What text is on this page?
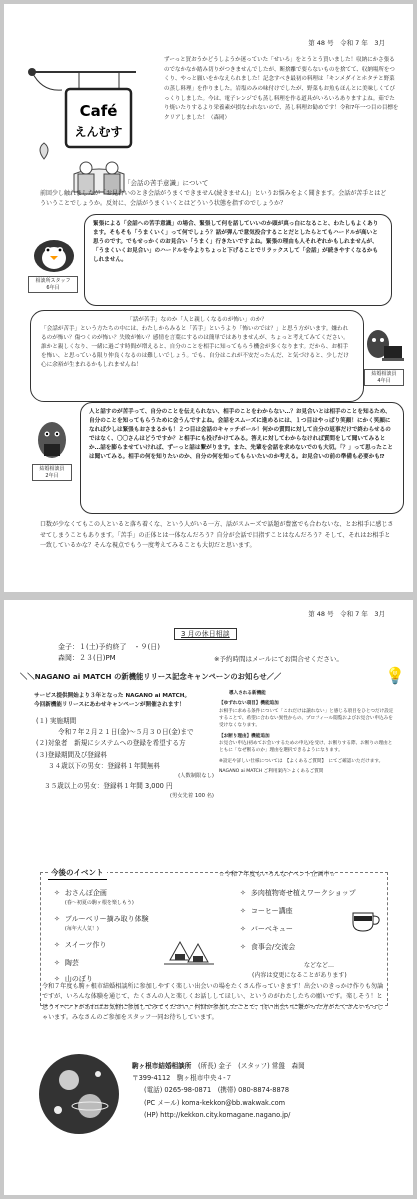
第 48 号　令和 7 年　3月
Café
えんむす
ずーっと買おうかどうしようか迷っていた「せいろ」をとうとう買いました！収納にかさ張るのでなかなか踏み切りがつきませんでしたが、断捨離で要らないものを捨てて、収納場所をつくり、やっと願いをかなえられました！記念すべき最初の料理は「キンメダイとホタテと野菜の蒸し料理」を作りました。岩塩のみの味付けでしたが、野菜もお魚もほんとに美味しくてびっくりしました。今は、電子レンジでも蒸し料理を作る道具がいろいろありますよね。茹でたり焼いたりするより栄養素が損なわれないので、蒸し料理お勧めです！令和7年一つ目の目標をクリアしました！（森岡）
「会話の苦手意識」について
前回少し触れましたが「お見合いのとき会話がうまくできません(続きません)」というお悩みをよく聞きます。会話が苦手とはどういうことでしょうか。反対に、会話がうまくいくとはどういう状態を指すのでしょうか？
相談所スタッフ
6年目
緊張による「会話への苦手意識」の場合、緊張して何を話していいのか頭が真っ白になること、わたしもよくあります。そもそも「うまくいく」って何でしょう？話が弾んで意気投合することだとしたらとてもハードルが高いと思うのです。でもせっかくのお見合い「うまく」行きたいですよね。緊張の理由も人それぞれかもしれませんが、「うまくいくお見合い」のハードルを今よりちょっと下げることでリラックスして「会話」が続きやすくなるかもしれません。
「話が苦手」なのか「人と親しくなるのが怖い」のか？
「会話が苦手」という方たちの中には、わたしからみると「苦手」というより「怖いのでは？」と思う方がいます。嫌われるのが怖い？傷つくのが怖い？失敗が怖い？感情を言葉にするのは簡単ではありませんが、ちょっと考えてみてください。誰かと親しくなり、一緒に過ごす時間が増えると、自分のことを相手に知ってもらう機会が多くなります。だから、お相手を怖い、と思っている限り仲良くなるのは難しいでしょう。でも、自分はこれが不安だったんだ、と気づけると、少しだけ心に余裕が生まれるかもしれませんね！
結婚相談員
4年目
結婚相談員
2年目
人と話すのが苦手って、自分のことを伝えられない、相手のことをわからない…？お見合いとは相手のことを知るため、自分のことを知ってもらうために会うんですよね。会話をスムーズに進めるには、１つ目はやっぱり笑顔！にかく笑顔になれば少しは緊張もおさまるかも！２つ目は会話のキャッチボール！何かの質問に対して自分の返事だけで終わらせるのではなく、〇〇さんはどうですか？と相手にも投げかけてみる。答えに対してわからなければ質問をして聞いてみるとか…話を膨らませていければ、ずーっと話は繋がります。また、先輩を会話を求めないでのも大切。「？」って思ったことは聞いてみる。相手の何を知りたいのか、自分の何を知ってもらいたいのか考える。お見合いの前の準備も必要かも⁉
口数が少なくてもこの人といると落ち着くな、という人がいる一方、話がスムーズで話題が豊富でも合わないな、とお相手に感じさせてしまうこともあります。「苦手」の正体とは一体なんだろう？自分が会話で目指すことはなんだろう？そして、それはお相手と一致しているかな？そんな視点でもう一度考えてみることも大切だと思います。
第 48 号　令和 7 年　3月
3 月の休日相談
金子：１(土)予約終了　・９(日)
森岡：２３(日)PM	※予約時間はメールにてお問合せください。
＼＼NAGANO ai MATCH の新機能リリース記念キャンペーンのお知らせ／／	💡
サービス提供開始より３年となった NAGANO ai MATCH。
今回新機能リリースにあわせキャンペーンが開催されます！
(１) 実施期間
令和７年２月２１日(金)～５月３０日(金)まで
(２)対象者　 新規にシステムへの登録を希望する方
(３)登録期間及び登録料
３４歳以下の男女：登録料１年間無料
(人数制限なし)
３５歳以上の男女：登録料１年間 3,000 円
(男女先着 100 名)
導入される新機能
【ゆずれない項目】機能追加
お相手に求める条件について「これだけは譲れない」と感じる項目をひとつだけ設定することで、希望に合わない異性からの、プロフィール閲覧およびお見合い申込みを受けなくなります。
【お断り理由】機能追加
お見合い申込(初めてお会いするための申込)を受け、お断りする際、お断りの理由とともに「なぜ断るのか」理由を選択できるようになります。
※設定や詳しい仕様については　【よくあるご質問】　にてご確認いただけます。
NAGANO ai MATCH ご利用案内＞よくあるご質問
今後のイベント	☆令和７年度もいろんなイベント企画中☆
✧ おさんぽ企画
(春～初夏の駒ヶ根を楽しもう)
✧ ブルーベリー摘み取り体験
(毎年大人気！)
✧ スイーツ作り
✧ 陶芸
✧ 山のぼり
✧ 多肉植物寄せ植えワークショップ
✧ コーヒー講座
✧ バーベキュー
✧ 食事会/交流会
などなど…
(内容は変更になることがあります)
令和７年度も駒ヶ根市結婚相談所に参加しやすく楽しい出会いの場をたくさん作っていきます！出会いのきっかけ作りも勿論ですが、いろんな体験を通じて、たくさんの人と楽しくお話ししてほしい、というのがわたしたちの願いです。楽しそう！と思うイベントがあればお気軽に参加してみてください。何回か参加したことで、良い出会いに繋がった方がたくさんいらっしゃいます。みなさんのご参加をスタッフ一同お待ちしています。
駒ヶ根市結婚相談所　 (所長) 金子　(スタッフ) 常盤　森岡
〒399-4112　駒ヶ根市中央４-７
(電話) 0265-98-0871　(携帯) 080-8874-8878
(PC メール) koma-kekkon@bb.wakwak.com
(HP) http://kekkon.city.komagane.nagano.jp/
